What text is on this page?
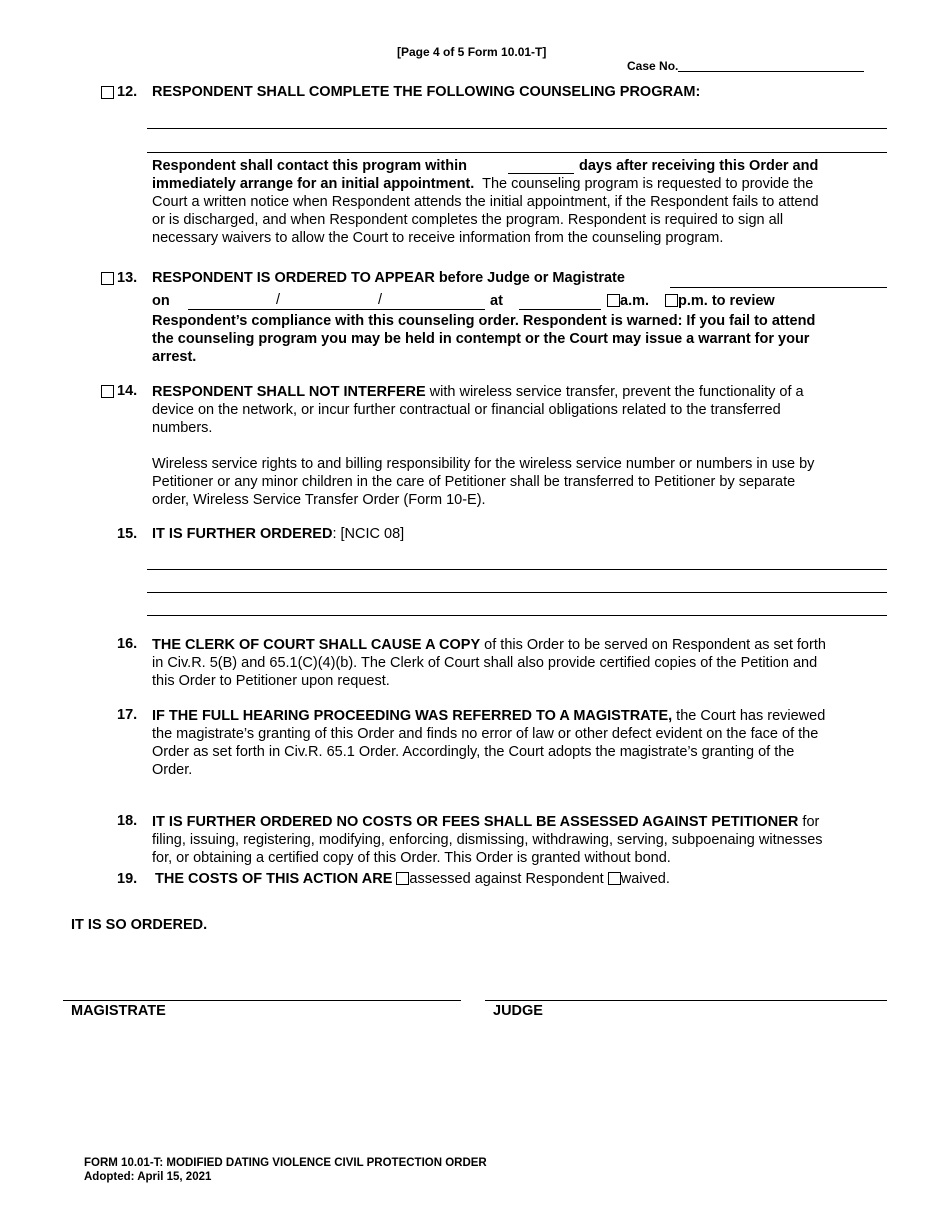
[Page 4 of 5 Form 10.01-T]
Case No.
12. RESPONDENT SHALL COMPLETE THE FOLLOWING COUNSELING PROGRAM:
Respondent shall contact this program within	days after receiving this Order and
immediately arrange for an initial appointment. The counseling program is requested to provide the
Court a written notice when Respondent attends the initial appointment, if the Respondent fails to attend
or is discharged, and when Respondent completes the program. Respondent is required to sign all
necessary waivers to allow the Court to receive information from the counseling program.
13. RESPONDENT IS ORDERED TO APPEAR before Judge or Magistrate
on	/	/	at	a.m.	p.m. to review
Respondent’s compliance with this counseling order. Respondent is warned: If you fail to attend
the counseling program you may be held in contempt or the Court may issue a warrant for your
arrest.
14. RESPONDENT SHALL NOT INTERFERE with wireless service transfer, prevent the functionality of a
device on the network, or incur further contractual or financial obligations related to the transferred
numbers.
Wireless service rights to and billing responsibility for the wireless service number or numbers in use by
Petitioner or any minor children in the care of Petitioner shall be transferred to Petitioner by separate
order, Wireless Service Transfer Order (Form 10-E).
15. IT IS FURTHER ORDERED: [NCIC 08]
16. THE CLERK OF COURT SHALL CAUSE A COPY of this Order to be served on Respondent as set forth
in Civ.R. 5(B) and 65.1(C)(4)(b). The Clerk of Court shall also provide certified copies of the Petition and
this Order to Petitioner upon request.
17. IF THE FULL HEARING PROCEEDING WAS REFERRED TO A MAGISTRATE, the Court has reviewed
the magistrate’s granting of this Order and finds no error of law or other defect evident on the face of the
Order as set forth in Civ.R. 65.1 Order. Accordingly, the Court adopts the magistrate’s granting of the
Order.
18. IT IS FURTHER ORDERED NO COSTS OR FEES SHALL BE ASSESSED AGAINST PETITIONER for
filing, issuing, registering, modifying, enforcing, dismissing, withdrawing, serving, subpoenaing witnesses
for, or obtaining a certified copy of this Order. This Order is granted without bond.
19. THE COSTS OF THIS ACTION ARE assessed against Respondent waived.
IT IS SO ORDERED.
MAGISTRATE	JUDGE
FORM 10.01-T: MODIFIED DATING VIOLENCE CIVIL PROTECTION ORDER
Adopted: April 15, 2021
